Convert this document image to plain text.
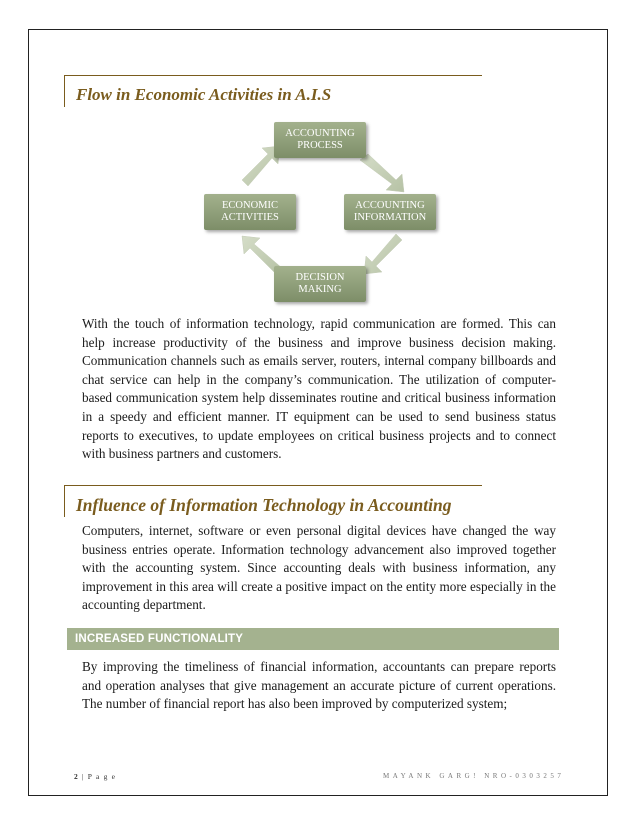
Flow in Economic Activities in A.I.S
ACCOUNTING PROCESS
ACCOUNTING INFORMATION
DECISION MAKING
ECONOMIC ACTIVITIES
With the touch of information technology, rapid communication are formed. This can help increase productivity of the business and improve business decision making. Communication channels such as emails server, routers, internal company billboards and chat service can help in the company’s communication. The utilization of computer-based communication system help disseminates routine and critical business information in a speedy and efficient manner. IT equipment can be used to send business status reports to executives, to update employees on critical business projects and to connect with business partners and customers.
Influence of Information Technology in Accounting
Computers, internet, software or even personal digital devices have changed the way business entries operate. Information technology advancement also improved together with the accounting system. Since accounting deals with business information, any improvement in this area will create a positive impact on the entity more especially in the accounting department.
INCREASED FUNCTIONALITY
By improving the timeliness of financial information, accountants can prepare reports and operation analyses that give management an accurate picture of current operations. The number of financial report has also been improved by computerized system;
2 | P a g e	MAYANK GARG! NRO-0303257
